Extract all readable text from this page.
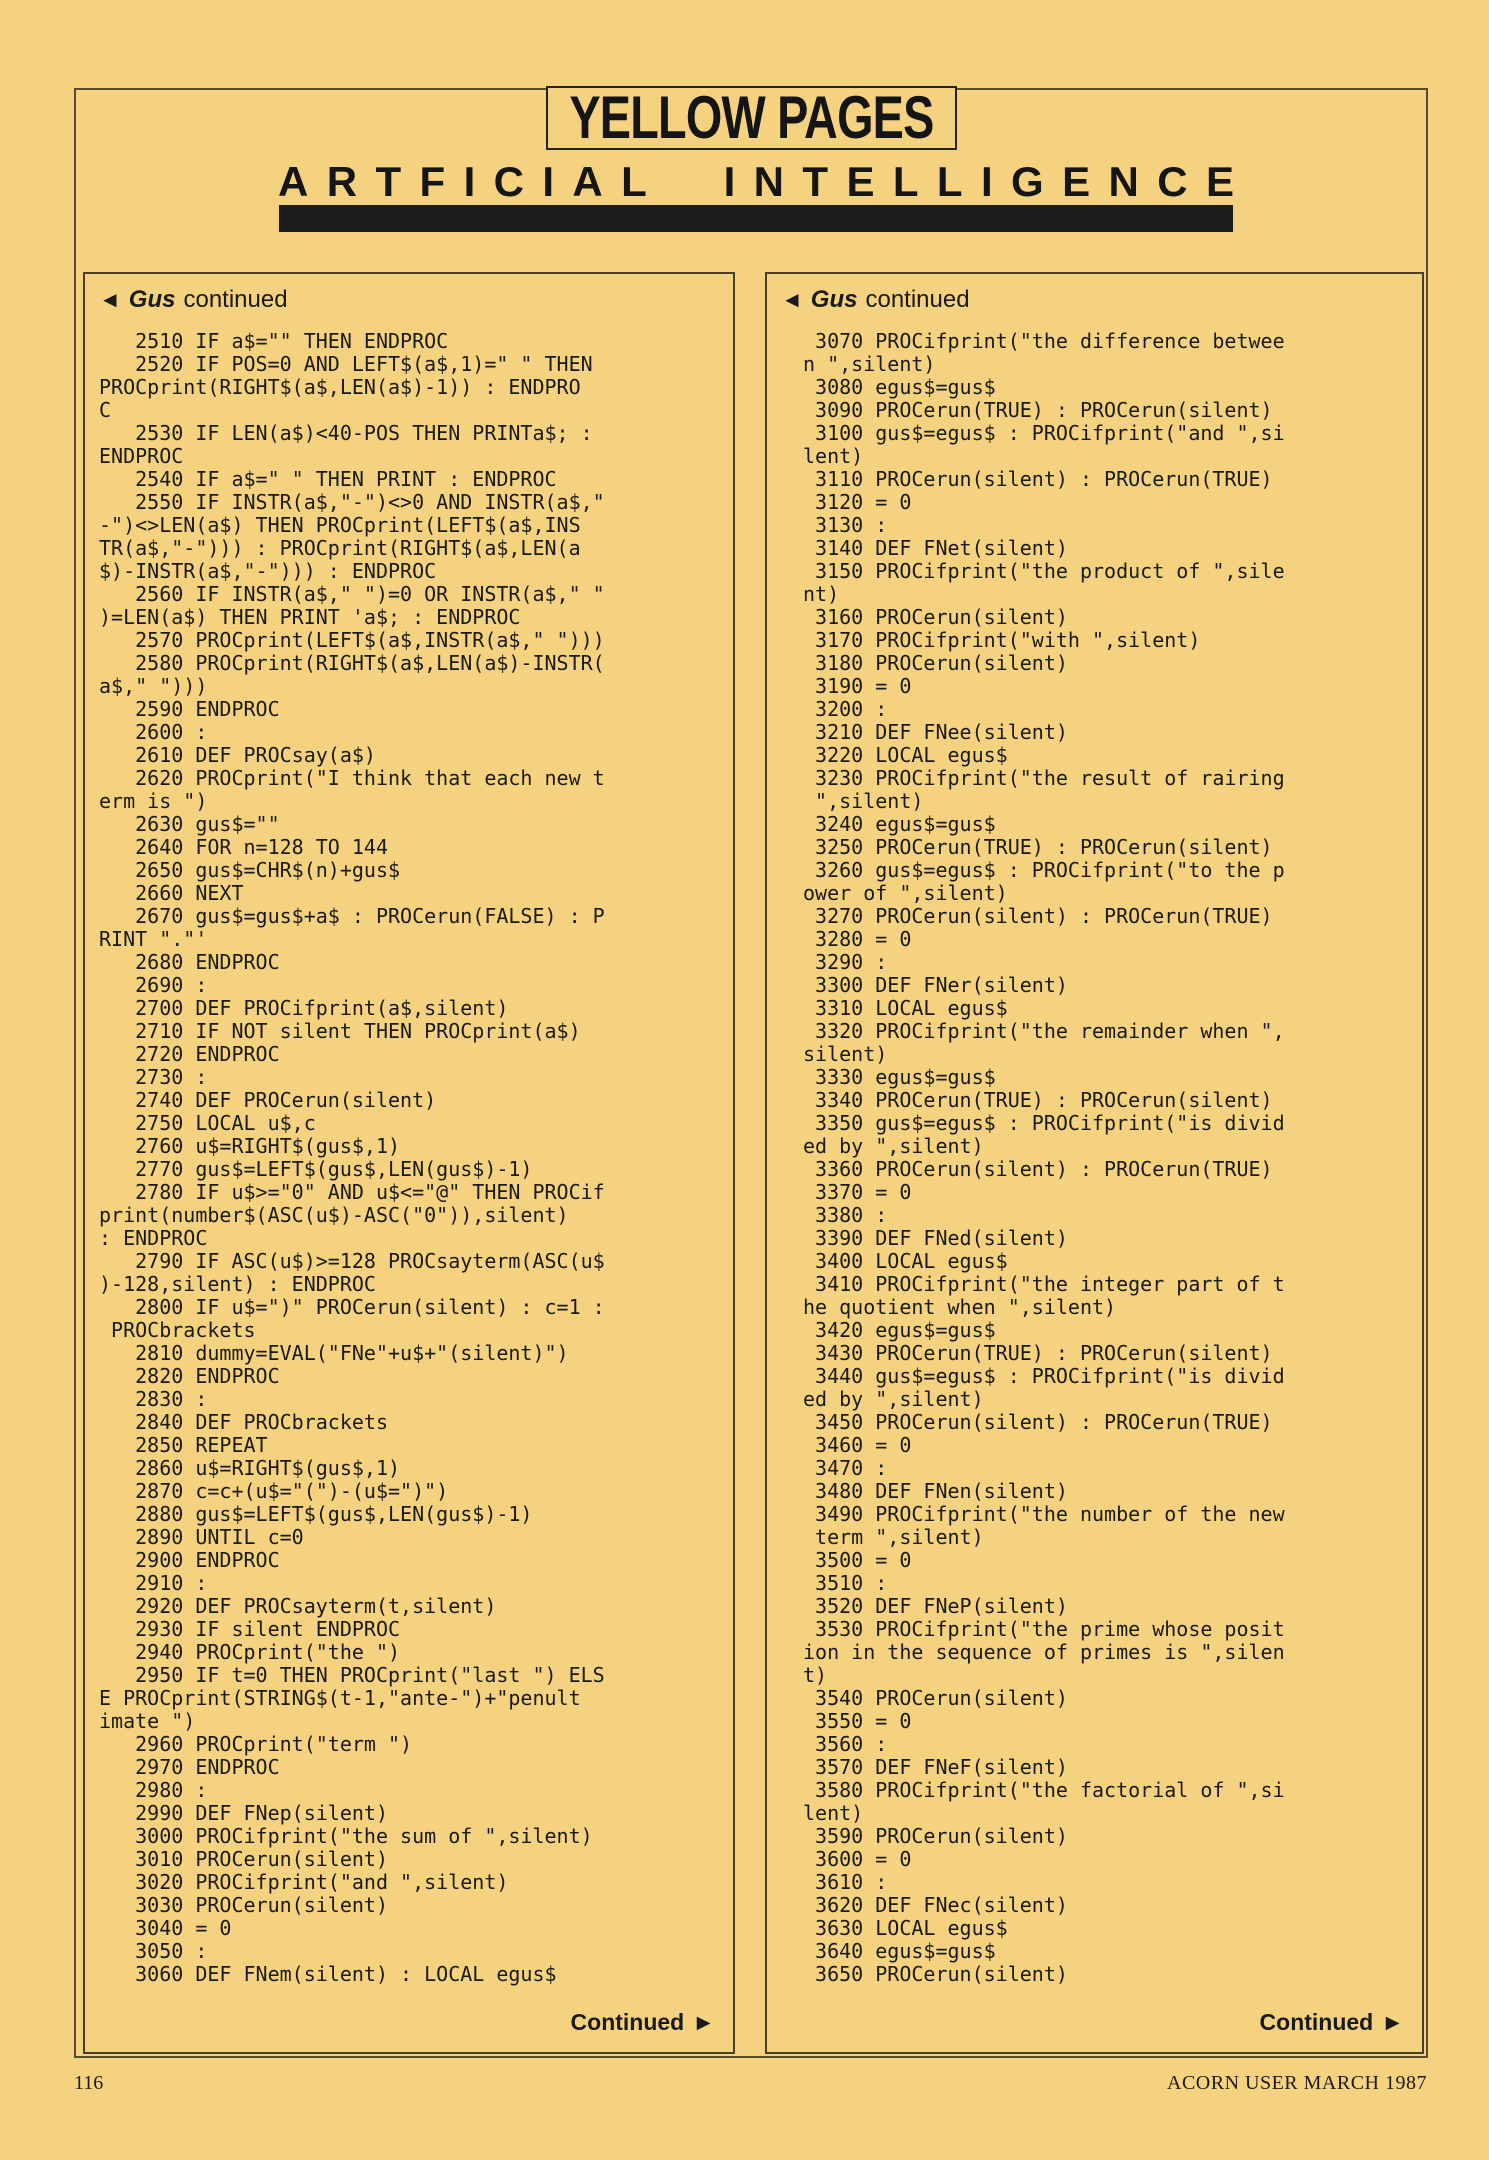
YELLOW PAGES
A R T F I C I A L I N T E L L I G E N C E
◄ Gus continued
2510 IF a$="" THEN ENDPROC
2520 IF POS=0 AND LEFT$(a$,1)=" " THEN
PROCprint(RIGHT$(a$,LEN(a$)-1)) : ENDPRO
C
2530 IF LEN(a$)<40-POS THEN PRINTa$; :
ENDPROC
2540 IF a$=" " THEN PRINT : ENDPROC
2550 IF INSTR(a$,"-")<>0 AND INSTR(a$,"
-")<>LEN(a$) THEN PROCprint(LEFT$(a$,INS
TR(a$,"-"))) : PROCprint(RIGHT$(a$,LEN(a
$)-INSTR(a$,"-"))) : ENDPROC
2560 IF INSTR(a$," ")=0 OR INSTR(a$," "
)=LEN(a$) THEN PRINT 'a$; : ENDPROC
2570 PROCprint(LEFT$(a$,INSTR(a$," ")))
2580 PROCprint(RIGHT$(a$,LEN(a$)-INSTR(
a$," ")))
2590 ENDPROC
2600 :
2610 DEF PROCsay(a$)
2620 PROCprint("I think that each new t
erm is ")
2630 gus$=""
2640 FOR n=128 TO 144
2650 gus$=CHR$(n)+gus$
2660 NEXT
2670 gus$=gus$+a$ : PROCerun(FALSE) : P
RINT "."'
2680 ENDPROC
2690 :
2700 DEF PROCifprint(a$,silent)
2710 IF NOT silent THEN PROCprint(a$)
2720 ENDPROC
2730 :
2740 DEF PROCerun(silent)
2750 LOCAL u$,c
2760 u$=RIGHT$(gus$,1)
2770 gus$=LEFT$(gus$,LEN(gus$)-1)
2780 IF u$>="0" AND u$<="@" THEN PROCif
print(number$(ASC(u$)-ASC("0")),silent)
: ENDPROC
2790 IF ASC(u$)>=128 PROCsayterm(ASC(u$
)-128,silent) : ENDPROC
2800 IF u$=")" PROCerun(silent) : c=1 :
PROCbrackets
2810 dummy=EVAL("FNe"+u$+"(silent)")
2820 ENDPROC
2830 :
2840 DEF PROCbrackets
2850 REPEAT
2860 u$=RIGHT$(gus$,1)
2870 c=c+(u$="(")-(u$=")")
2880 gus$=LEFT$(gus$,LEN(gus$)-1)
2890 UNTIL c=0
2900 ENDPROC
2910 :
2920 DEF PROCsayterm(t,silent)
2930 IF silent ENDPROC
2940 PROCprint("the ")
2950 IF t=0 THEN PROCprint("last ") ELS
E PROCprint(STRING$(t-1,"ante-")+"penult
imate ")
2960 PROCprint("term ")
2970 ENDPROC
2980 :
2990 DEF FNep(silent)
3000 PROCifprint("the sum of ",silent)
3010 PROCerun(silent)
3020 PROCifprint("and ",silent)
3030 PROCerun(silent)
3040 = 0
3050 :
3060 DEF FNem(silent) : LOCAL egus$
Continued ►
◄ Gus continued
3070 PROCifprint("the difference betwee
n ",silent)
3080 egus$=gus$
3090 PROCerun(TRUE) : PROCerun(silent)
3100 gus$=egus$ : PROCifprint("and ",si
lent)
3110 PROCerun(silent) : PROCerun(TRUE)
3120 = 0
3130 :
3140 DEF FNet(silent)
3150 PROCifprint("the product of ",sile
nt)
3160 PROCerun(silent)
3170 PROCifprint("with ",silent)
3180 PROCerun(silent)
3190 = 0
3200 :
3210 DEF FNee(silent)
3220 LOCAL egus$
3230 PROCifprint("the result of rairing
",silent)
3240 egus$=gus$
3250 PROCerun(TRUE) : PROCerun(silent)
3260 gus$=egus$ : PROCifprint("to the p
ower of ",silent)
3270 PROCerun(silent) : PROCerun(TRUE)
3280 = 0
3290 :
3300 DEF FNer(silent)
3310 LOCAL egus$
3320 PROCifprint("the remainder when ",
silent)
3330 egus$=gus$
3340 PROCerun(TRUE) : PROCerun(silent)
3350 gus$=egus$ : PROCifprint("is divid
ed by ",silent)
3360 PROCerun(silent) : PROCerun(TRUE)
3370 = 0
3380 :
3390 DEF FNed(silent)
3400 LOCAL egus$
3410 PROCifprint("the integer part of t
he quotient when ",silent)
3420 egus$=gus$
3430 PROCerun(TRUE) : PROCerun(silent)
3440 gus$=egus$ : PROCifprint("is divid
ed by ",silent)
3450 PROCerun(silent) : PROCerun(TRUE)
3460 = 0
3470 :
3480 DEF FNen(silent)
3490 PROCifprint("the number of the new
term ",silent)
3500 = 0
3510 :
3520 DEF FNeP(silent)
3530 PROCifprint("the prime whose posit
ion in the sequence of primes is ",silen
t)
3540 PROCerun(silent)
3550 = 0
3560 :
3570 DEF FNeF(silent)
3580 PROCifprint("the factorial of ",si
lent)
3590 PROCerun(silent)
3600 = 0
3610 :
3620 DEF FNec(silent)
3630 LOCAL egus$
3640 egus$=gus$
3650 PROCerun(silent)
Continued ►
116	ACORN USER MARCH 1987
